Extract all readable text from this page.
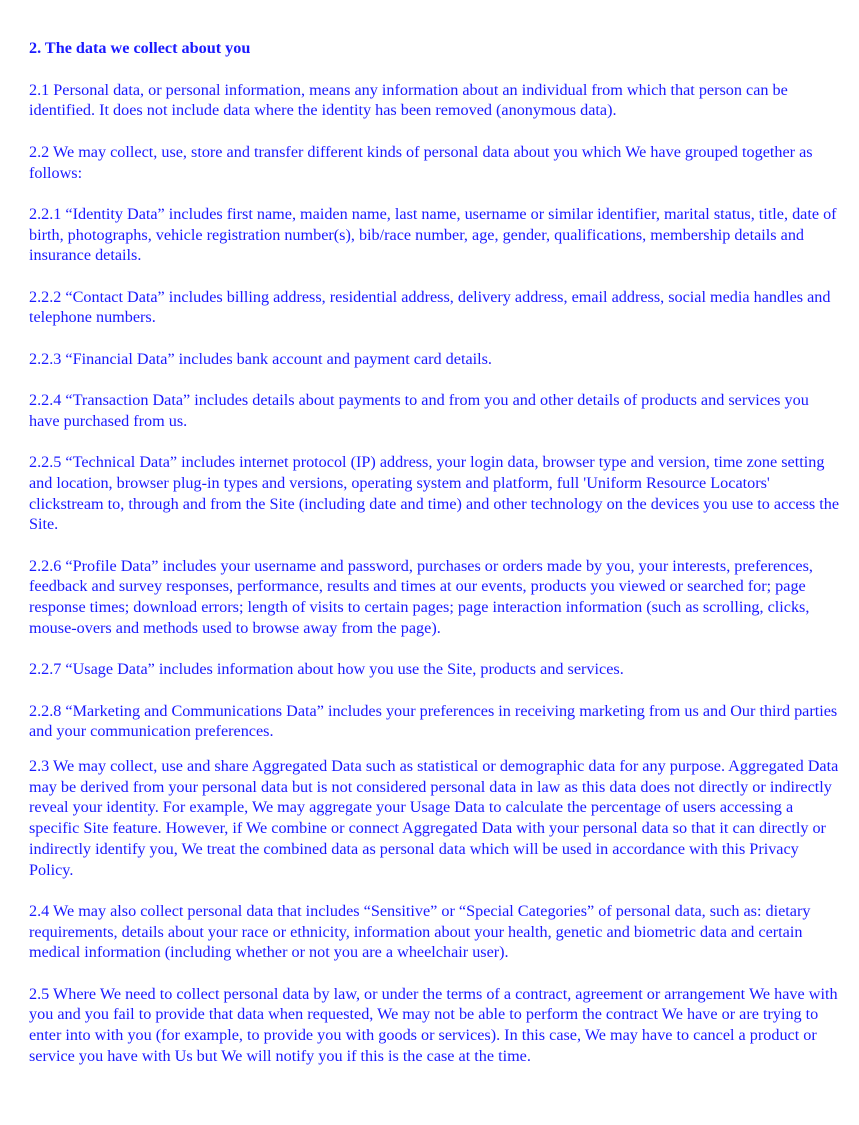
2. The data we collect about you

2.1 Personal data, or personal information, means any information about an individual from which that person can be identified. It does not include data where the identity has been removed (anonymous data).

2.2 We may collect, use, store and transfer different kinds of personal data about you which We have grouped together as follows:

2.2.1 “Identity Data” includes first name, maiden name, last name, username or similar identifier, marital status, title, date of birth, photographs, vehicle registration number(s), bib/race number, age, gender, qualifications, membership details and insurance details.

2.2.2 “Contact Data” includes billing address, residential address, delivery address, email address, social media handles and telephone numbers.

2.2.3 “Financial Data” includes bank account and payment card details.

2.2.4 “Transaction Data” includes details about payments to and from you and other details of products and services you have purchased from us.

2.2.5 “Technical Data” includes internet protocol (IP) address, your login data, browser type and version, time zone setting and location, browser plug-in types and versions, operating system and platform, full 'Uniform Resource Locators' clickstream to, through and from the Site (including date and time) and other technology on the devices you use to access the Site.

2.2.6 “Profile Data” includes your username and password, purchases or orders made by you, your interests, preferences, feedback and survey responses, performance, results and times at our events, products you viewed or searched for; page response times; download errors; length of visits to certain pages; page interaction information (such as scrolling, clicks, mouse-overs and methods used to browse away from the page).

2.2.7 “Usage Data” includes information about how you use the Site, products and services.

2.2.8 “Marketing and Communications Data” includes your preferences in receiving marketing from us and Our third parties and your communication preferences.

2.3 We may collect, use and share Aggregated Data such as statistical or demographic data for any purpose. Aggregated Data may be derived from your personal data but is not considered personal data in law as this data does not directly or indirectly reveal your identity. For example, We may aggregate your Usage Data to calculate the percentage of users accessing a specific Site feature. However, if We combine or connect Aggregated Data with your personal data so that it can directly or indirectly identify you, We treat the combined data as personal data which will be used in accordance with this Privacy Policy.

2.4 We may also collect personal data that includes “Sensitive” or “Special Categories” of personal data, such as: dietary requirements, details about your race or ethnicity, information about your health, genetic and biometric data and certain medical information (including whether or not you are a wheelchair user).

2.5 Where We need to collect personal data by law, or under the terms of a contract, agreement or arrangement We have with you and you fail to provide that data when requested, We may not be able to perform the contract We have or are trying to enter into with you (for example, to provide you with goods or services). In this case, We may have to cancel a product or service you have with Us but We will notify you if this is the case at the time.
